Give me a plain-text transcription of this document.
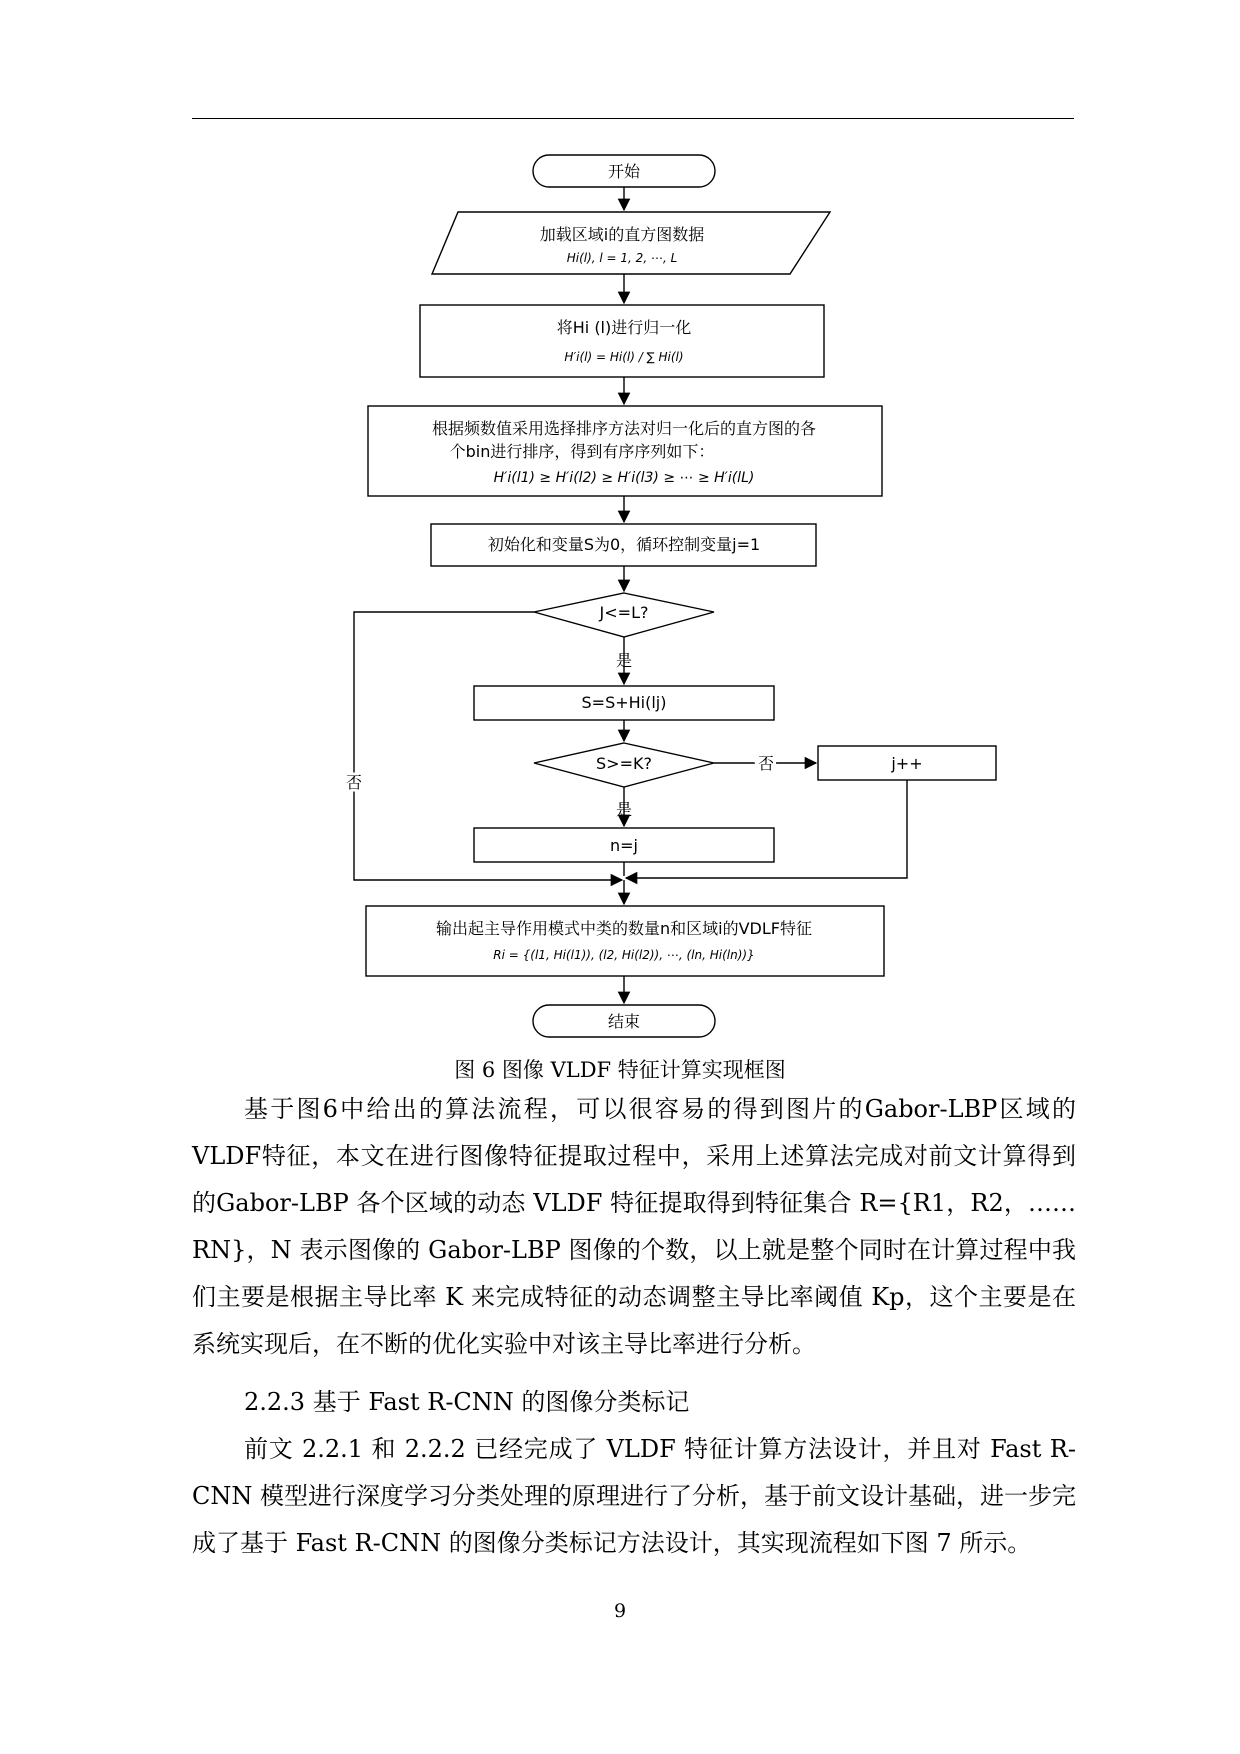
开始
加载区域i的直方图数据
Hi(l), l = 1, 2, ⋯, L
将Hi (l)进行归一化
H′i(l) = Hi(l) / ∑ Hi(l)
根据频数值采用选择排序方法对归一化后的直方图的各
个bin进行排序，得到有序序列如下：
H′i(l1) ≥ H′i(l2) ≥ H′i(l3) ≥ ⋯ ≥ H′i(lL)
初始化和变量S为0，循环控制变量j=1
J<=L?
是
否
S=S+Hi(lj)
S>=K?	否	j++
是
n=j
输出起主导作用模式中类的数量n和区域i的VDLF特征
Ri = {(l1, Hi(l1)), (l2, Hi(l2)), ⋯, (ln, Hi(ln))}
结束
图 6 图像 VLDF 特征计算实现框图
基于图6中给出的算法流程，可以很容易的得到图片的Gabor-LBP区域的VLDF特征，本文在进行图像特征提取过程中，采用上述算法完成对前文计算得到的Gabor-LBP 各个区域的动态 VLDF 特征提取得到特征集合 R={R1，R2，……RN}，N 表示图像的 Gabor-LBP 图像的个数，以上就是整个同时在计算过程中我们主要是根据主导比率 K 来完成特征的动态调整主导比率阈值 Kp，这个主要是在系统实现后，在不断的优化实验中对该主导比率进行分析。
2.2.3 基于 Fast R-CNN 的图像分类标记
前文 2.2.1 和 2.2.2 已经完成了 VLDF 特征计算方法设计，并且对 Fast R-CNN 模型进行深度学习分类处理的原理进行了分析，基于前文设计基础，进一步完成了基于 Fast R-CNN 的图像分类标记方法设计，其实现流程如下图 7 所示。
9
